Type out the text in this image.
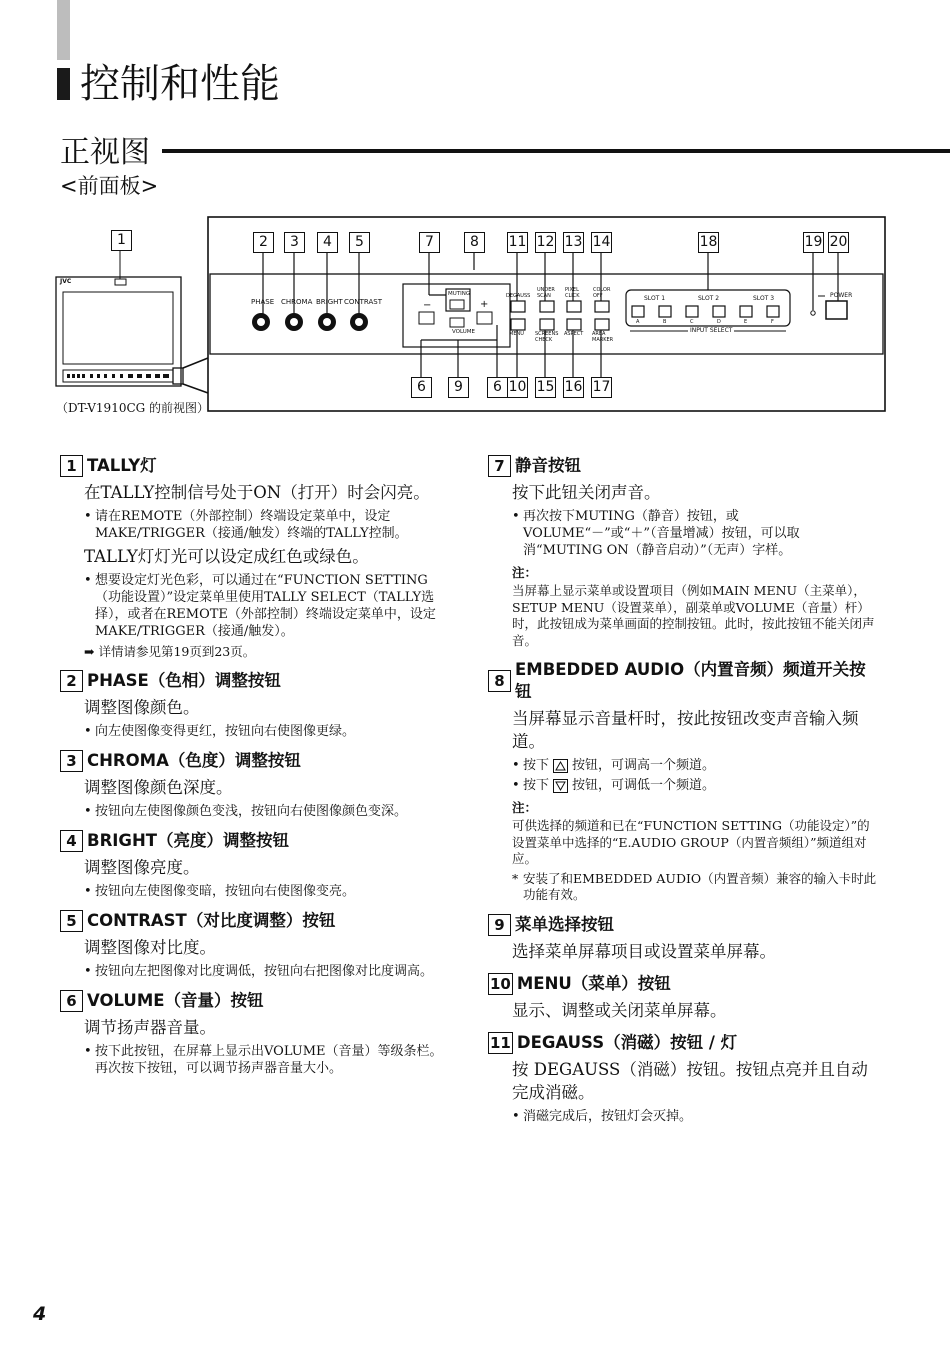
控制和性能
正视图
<前面板>
JVC
1	2	3	4	5	7	8	11 12 13 14	18	19 20
6	9	6 10 15 16 17
PHASE CHROMA BRIGHT CONTRAST
MUTING
VOLUME
−	+
DEGAUSS
UNDER SCAN
PIXEL CLICK
COLOR OFF
MENU	SCREENS CHECK
ASPECT	AREA MARKER
SLOT 1	SLOT 2	SLOT 3
A	B	C	D	E	F
INPUT SELECT
POWER
（DT-V1910CG 的前视图）
1 TALLY灯
在TALLY控制信号处于ON（打开）时会闪亮。
• 请在REMOTE（外部控制）终端设定菜单中，设定MAKE/TRIGGER（接通/触发）终端的TALLY控制。
TALLY灯灯光可以设定成红色或绿色。
• 想要设定灯光色彩，可以通过在“FUNCTION SETTING（功能设置）”设定菜单里使用TALLY SELECT（TALLY选择），或者在REMOTE（外部控制）终端设定菜单中，设定MAKE/TRIGGER（接通/触发）。
➡ 详情请参见第19页到23页。
2 PHASE（色相）调整按钮
调整图像颜色。
• 向左使图像变得更红，按钮向右使图像更绿。
3 CHROMA（色度）调整按钮
调整图像颜色深度。
• 按钮向左使图像颜色变浅，按钮向右使图像颜色变深。
4 BRIGHT（亮度）调整按钮
调整图像亮度。
• 按钮向左使图像变暗，按钮向右使图像变亮。
5 CONTRAST（对比度调整）按钮
调整图像对比度。
• 按钮向左把图像对比度调低，按钮向右把图像对比度调高。
6 VOLUME（音量）按钮
调节扬声器音量。
• 按下此按钮，在屏幕上显示出VOLUME（音量）等级条栏。再次按下按钮，可以调节扬声器音量大小。
7 静音按钮
按下此钮关闭声音。
• 再次按下MUTING（静音）按钮，或VOLUME“－”或“＋”（音量增减）按钮，可以取消“MUTING ON（静音启动）”（无声）字样。
注：
当屏幕上显示菜单或设置项目（例如MAIN MENU（主菜单），SETUP MENU（设置菜单），副菜单或VOLUME（音量）杆）时，此按钮成为菜单画面的控制按钮。此时，按此按钮不能关闭声音。
8
EMBEDDED AUDIO（内置音频）频道开关按钮
当屏幕显示音量杆时，按此按钮改变声音输入频道。
• 按下 按钮，可调高一个频道。
• 按下 按钮，可调低一个频道。
注：
可供选择的频道和已在“FUNCTION SETTING（功能设定）”的设置菜单中选择的“E.AUDIO GROUP（内置音频组）”频道组对应。
* 安装了和EMBEDDED AUDIO（内置音频）兼容的输入卡时此功能有效。
9 菜单选择按钮
选择菜单屏幕项目或设置菜单屏幕。
10 MENU（菜单）按钮
显示、调整或关闭菜单屏幕。
11 DEGAUSS（消磁）按钮 / 灯
按 DEGAUSS（消磁）按钮。按钮点亮并且自动完成消磁。
• 消磁完成后，按钮灯会灭掉。
4
